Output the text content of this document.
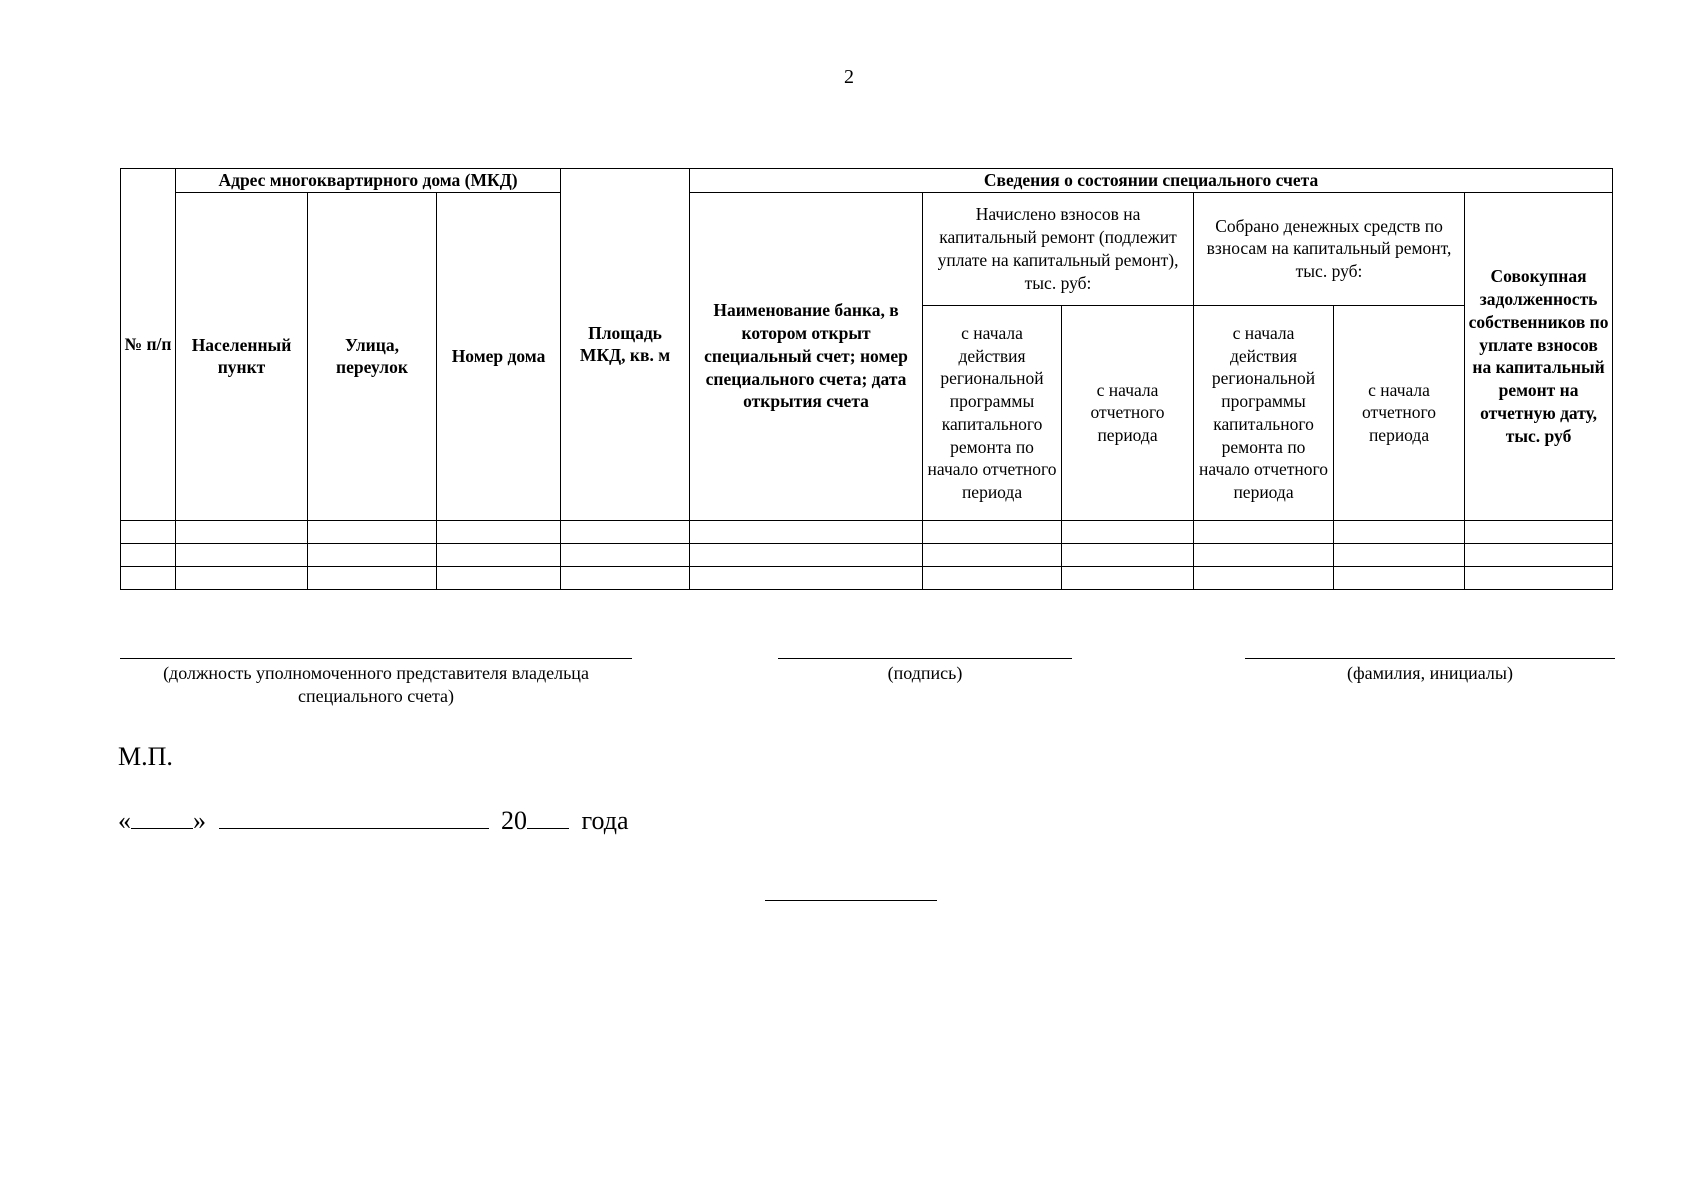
2
№ п/п	Адрес многоквартирного дома (МКД)			Площадь МКД, кв. м	Сведения о состоянии специального счета					
	Населенный пункт	Улица, переулок	Номер дома		Наименование банка, в котором открыт специальный счет; номер специального счета; дата открытия счета	Начислено взносов на капитальный ремонт (подлежит уплате на капитальный ремонт), тыс. руб:		Собрано денежных средств по взносам на капитальный ремонт, тыс. руб:		Совокупная задолженность собственников по уплате взносов на капитальный ремонт на отчетную дату, тыс. руб
						с начала действия региональной программы капитального ремонта по начало отчетного периода	с начала отчетного периода	с начала действия региональной программы капитального ремонта по начало отчетного периода	с начала отчетного периода	

(должность уполномоченного представителя владельца
специального счета)
(подпись)	(фамилия, инициалы)
М.П.
« »	20 года
